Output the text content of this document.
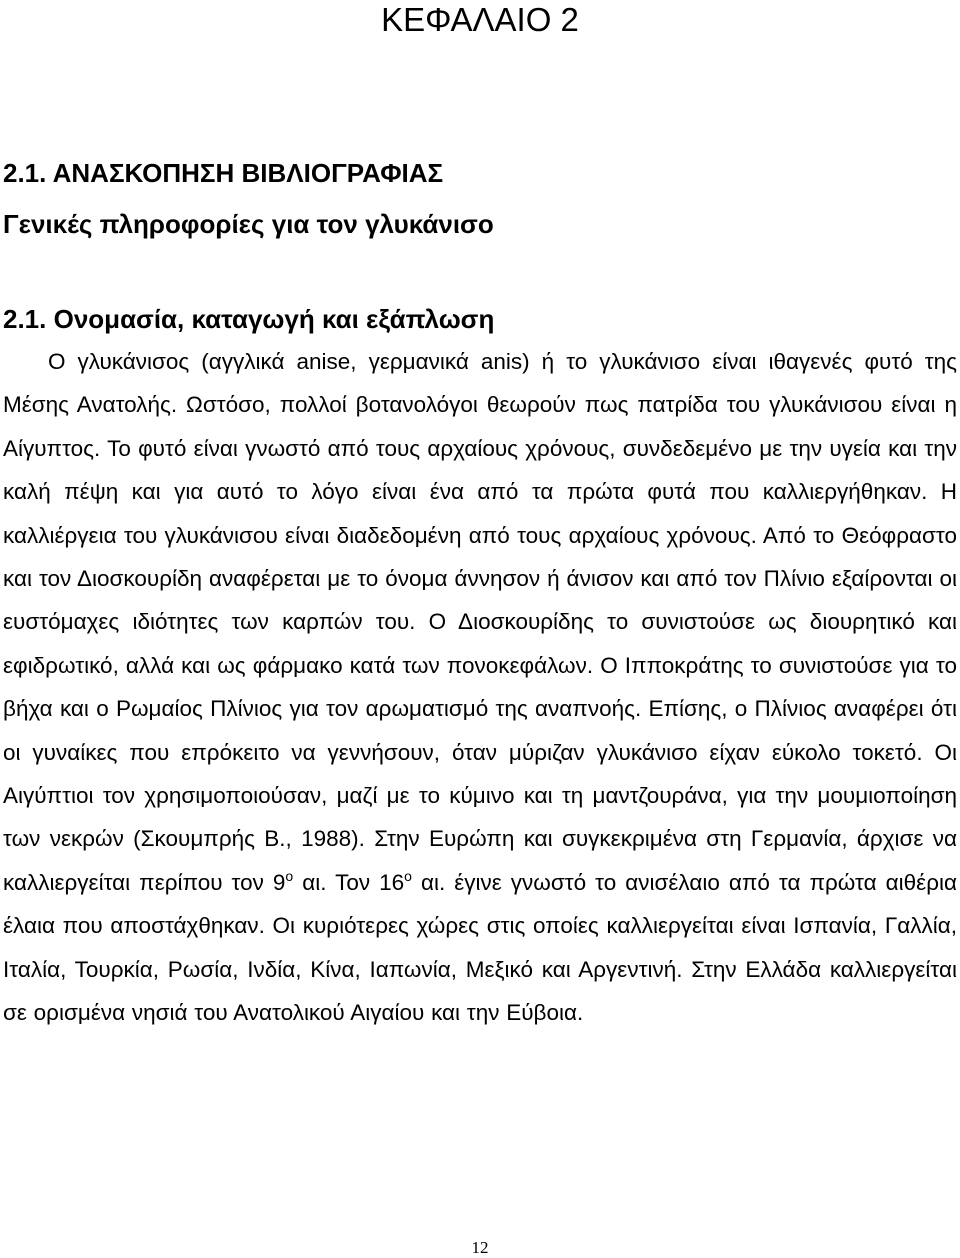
ΚΕΦΑΛΑΙΟ 2
2.1. ΑΝΑΣΚΟΠΗΣΗ ΒΙΒΛΙΟΓΡΑΦΙΑΣ
Γενικές πληροφορίες για τον γλυκάνισο
2.1. Ονομασία, καταγωγή και εξάπλωση

Ο γλυκάνισος (αγγλικά anise, γερμανικά anis) ή το γλυκάνισο είναι ιθαγενές φυτό της Μέσης Ανατολής. Ωστόσο, πολλοί βοτανολόγοι θεωρούν πως πατρίδα του γλυκάνισου είναι η Αίγυπτος. Το φυτό είναι γνωστό από τους αρχαίους χρόνους, συνδεδεμένο με την υγεία και την καλή πέψη και για αυτό το λόγο είναι ένα από τα πρώτα φυτά που καλλιεργήθηκαν. Η καλλιέργεια του γλυκάνισου είναι διαδεδομένη από τους αρχαίους χρόνους. Από το Θεόφραστο και τον Διοσκουρίδη αναφέρεται με το όνομα άννησον ή άνισον και από τον Πλίνιο εξαίρονται οι ευστόμαχες ιδιότητες των καρπών του. Ο Διοσκουρίδης το συνιστούσε ως διουρητικό και εφιδρωτικό, αλλά και ως φάρμακο κατά των πονοκεφάλων. Ο Ιπποκράτης το συνιστούσε για το βήχα και ο Ρωμαίος Πλίνιος για τον αρωματισμό της αναπνοής. Επίσης, ο Πλίνιος αναφέρει ότι οι γυναίκες που επρόκειτο να γεννήσουν, όταν μύριζαν γλυκάνισο είχαν εύκολο τοκετό. Οι Αιγύπτιοι τον χρησιμοποιούσαν, μαζί με το κύμινο και τη μαντζουράνα, για την μουμιοποίηση των νεκρών (Σκουμπρής Β., 1988). Στην Ευρώπη και συγκεκριμένα στη Γερμανία, άρχισε να καλλιεργείται περίπου τον $9^o$ αι. Τον $16^o$ αι. έγινε γνωστό το ανισέλαιο από τα πρώτα αιθέρια έλαια που αποστάχθηκαν. Οι κυριότερες χώρες στις οποίες καλλιεργείται είναι Ισπανία, Γαλλία, Ιταλία, Τουρκία, Ρωσία, Ινδία, Κίνα, Ιαπωνία, Μεξικό και Αργεντινή. Στην Ελλάδα καλλιεργείται σε ορισμένα νησιά του Ανατολικού Αιγαίου και την Εύβοια.

12
